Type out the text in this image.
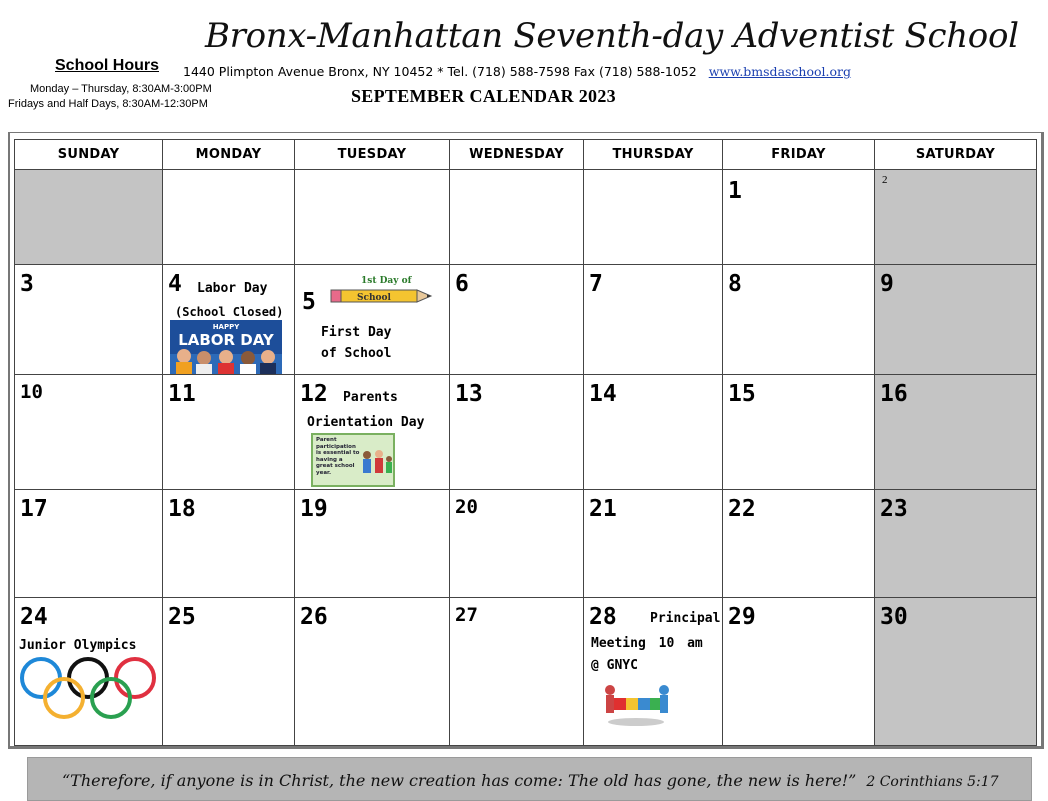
Bronx-Manhattan Seventh-day Adventist School
School Hours
Monday – Thursday, 8:30AM-3:00PM
Fridays and Half Days, 8:30AM-12:30PM
1440 Plimpton Avenue Bronx, NY 10452 * Tel. (718) 588-7598 Fax (718) 588-1052 www.bmsdaschool.org
SEPTEMBER CALENDAR 2023
SUNDAY	MONDAY	TUESDAY	WEDNESDAY	THURSDAY	FRIDAY	SATURDAY

					1	2

3	4 Labor Day
(School Closed)
HAPPY
LABOR DAY	5
1st Day of
School
First Day
of School	6	7	8	9

10	11	12 Parents
Orientation Day
Parent participation is essential to having a great school year.	13	14	15	16

17	18	19	20	21	22	23

24
Junior Olympics	25	26	27	28 Principal
Meeting 10 am
@ GNYC	29	30
“Therefore, if anyone is in Christ, the new creation has come: The old has gone, the new is here!” 2 Corinthians 5:17
